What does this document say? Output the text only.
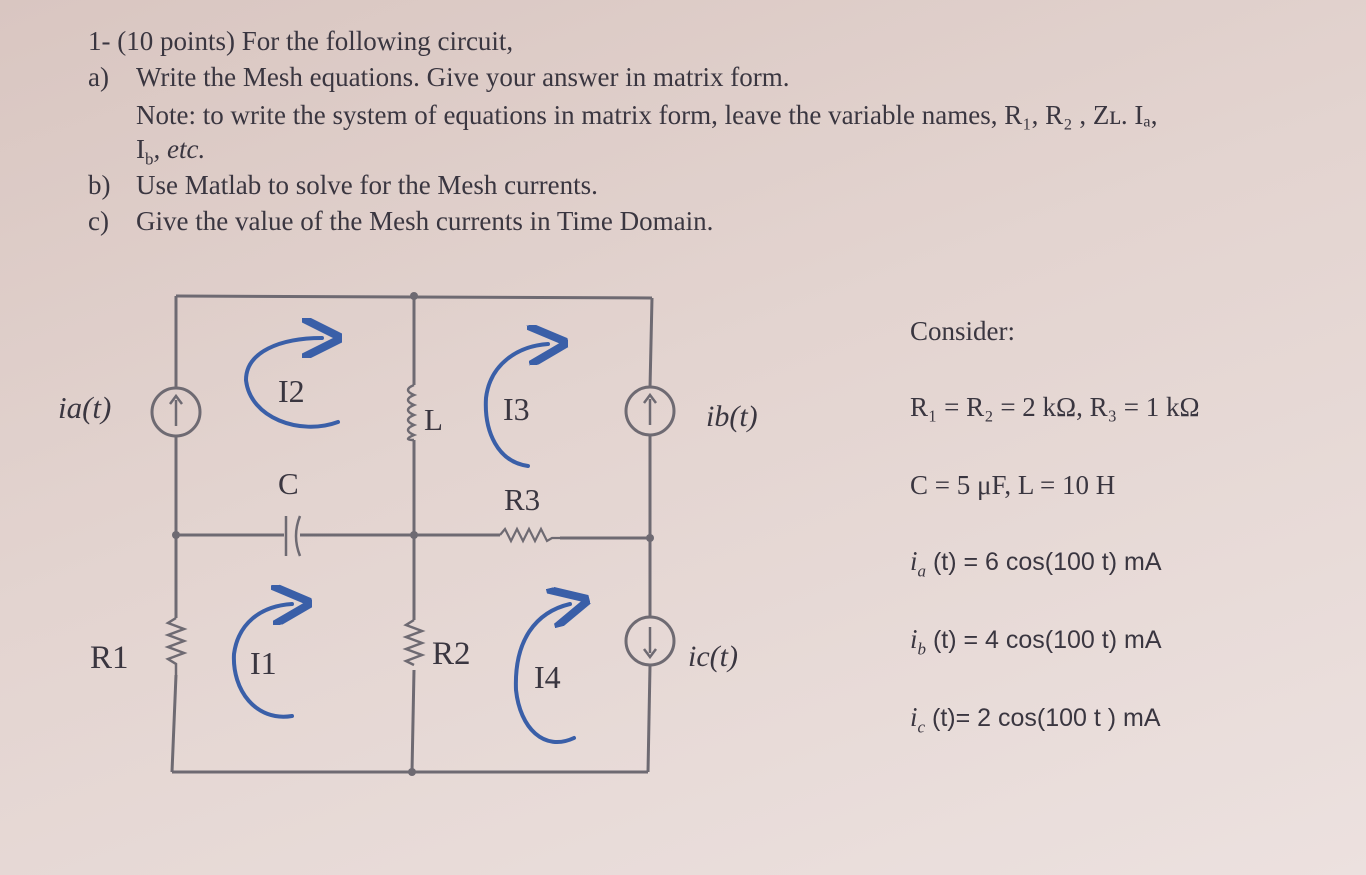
1- (10 points) For the following circuit,
a) Write the Mesh equations. Give your answer in matrix form.
Note: to write the system of equations in matrix form, leave the variable names, R₁, R₂ , Zʟ. Iₐ,
$I_b$, etc.
b) Use Matlab to solve for the Mesh currents.
c) Give the value of the Mesh currents in Time Domain.
ia(t)	ib(t)
ic(t)
C
L
R1	R2
R3
I1
I2	I3
I4
Consider:
R₁ = R₂ = 2 kΩ, R₃ = 1 kΩ
C = 5 μF, L = 10 H
$i_a$ (t) = 6 cos(100 t) mA
$i_b$ (t) = 4 cos(100 t) mA
$i_c$ (t)= 2 cos(100 t ) mA
